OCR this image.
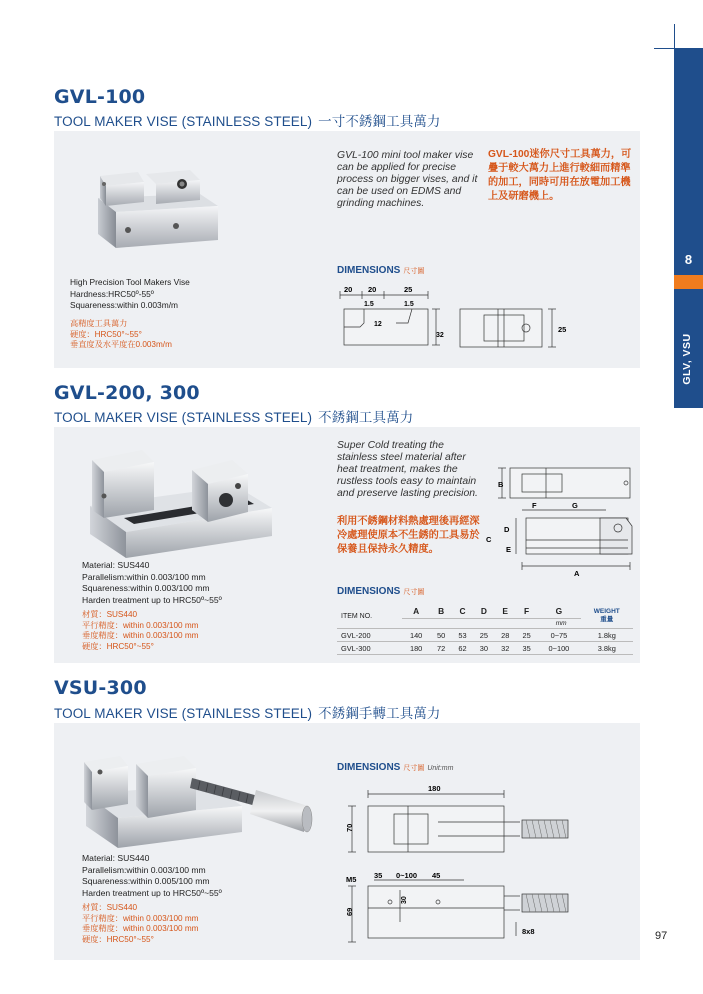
8
GLV, VSU
GVL-100
TOOL MAKER VISE (STAINLESS STEEL) 一寸不銹鋼工具萬力
High Precision Tool Makers Vise
Hardness:HRC50º-55º
Squareness:within 0.003m/m
高精度工具萬力
硬度：HRC50°~55°
垂直度及水平度在0.003m/m
GVL-100 mini tool maker vise
can be applied for precise
process on bigger vises, and it
can be used on EDMS and
grinding machines.
GVL-100迷你尺寸工具萬力，可
疊于較大萬力上進行較細而精準
的加工，同時可用在放電加工機
上及研磨機上。
DIMENSIONS 尺寸圖
20 20	25
1.5	1.5
12
32
25
GVL-200, 300
TOOL MAKER VISE (STAINLESS STEEL) 不銹鋼工具萬力
Material: SUS440
Parallelism:within 0.003/100 mm
Squareness:within 0.003/100 mm
Harden treatment up to HRC50º~55º
材質：SUS440
平行精度：within 0.003/100 mm
垂度精度：within 0.003/100 mm
硬度：HRC50°~55°
Super Cold treating the
stainless steel material after
heat treatment, makes the
rustless tools easy to maintain
and preserve lasting precision.
利用不銹鋼材料熱處理後再經深
冷處理使原本不生銹的工具易於
保養且保持永久精度。
B
F	G
D
C
E
A
DIMENSIONS 尺寸圖
ITEM NO.	A	B	C	D	E	F	G	WEIGHT
重量

	mm							
GVL-200	140	50	53	25	28	25	0~75	1.8kg
GVL-300	180	72	62	30	32	35	0~100	3.8kg
VSU-300
TOOL MAKER VISE (STAINLESS STEEL) 不銹鋼手轉工具萬力
Material: SUS440
Parallelism:within 0.003/100 mm
Squareness:within 0.005/100 mm
Harden treatment up to HRC50º~55º
材質：SUS440
平行精度：within 0.003/100 mm
垂度精度：within 0.003/100 mm
硬度：HRC50°~55°
DIMENSIONS 尺寸圖 Unit:mm
180
70
M5 35 0~100 45
30
69
8x8	97
